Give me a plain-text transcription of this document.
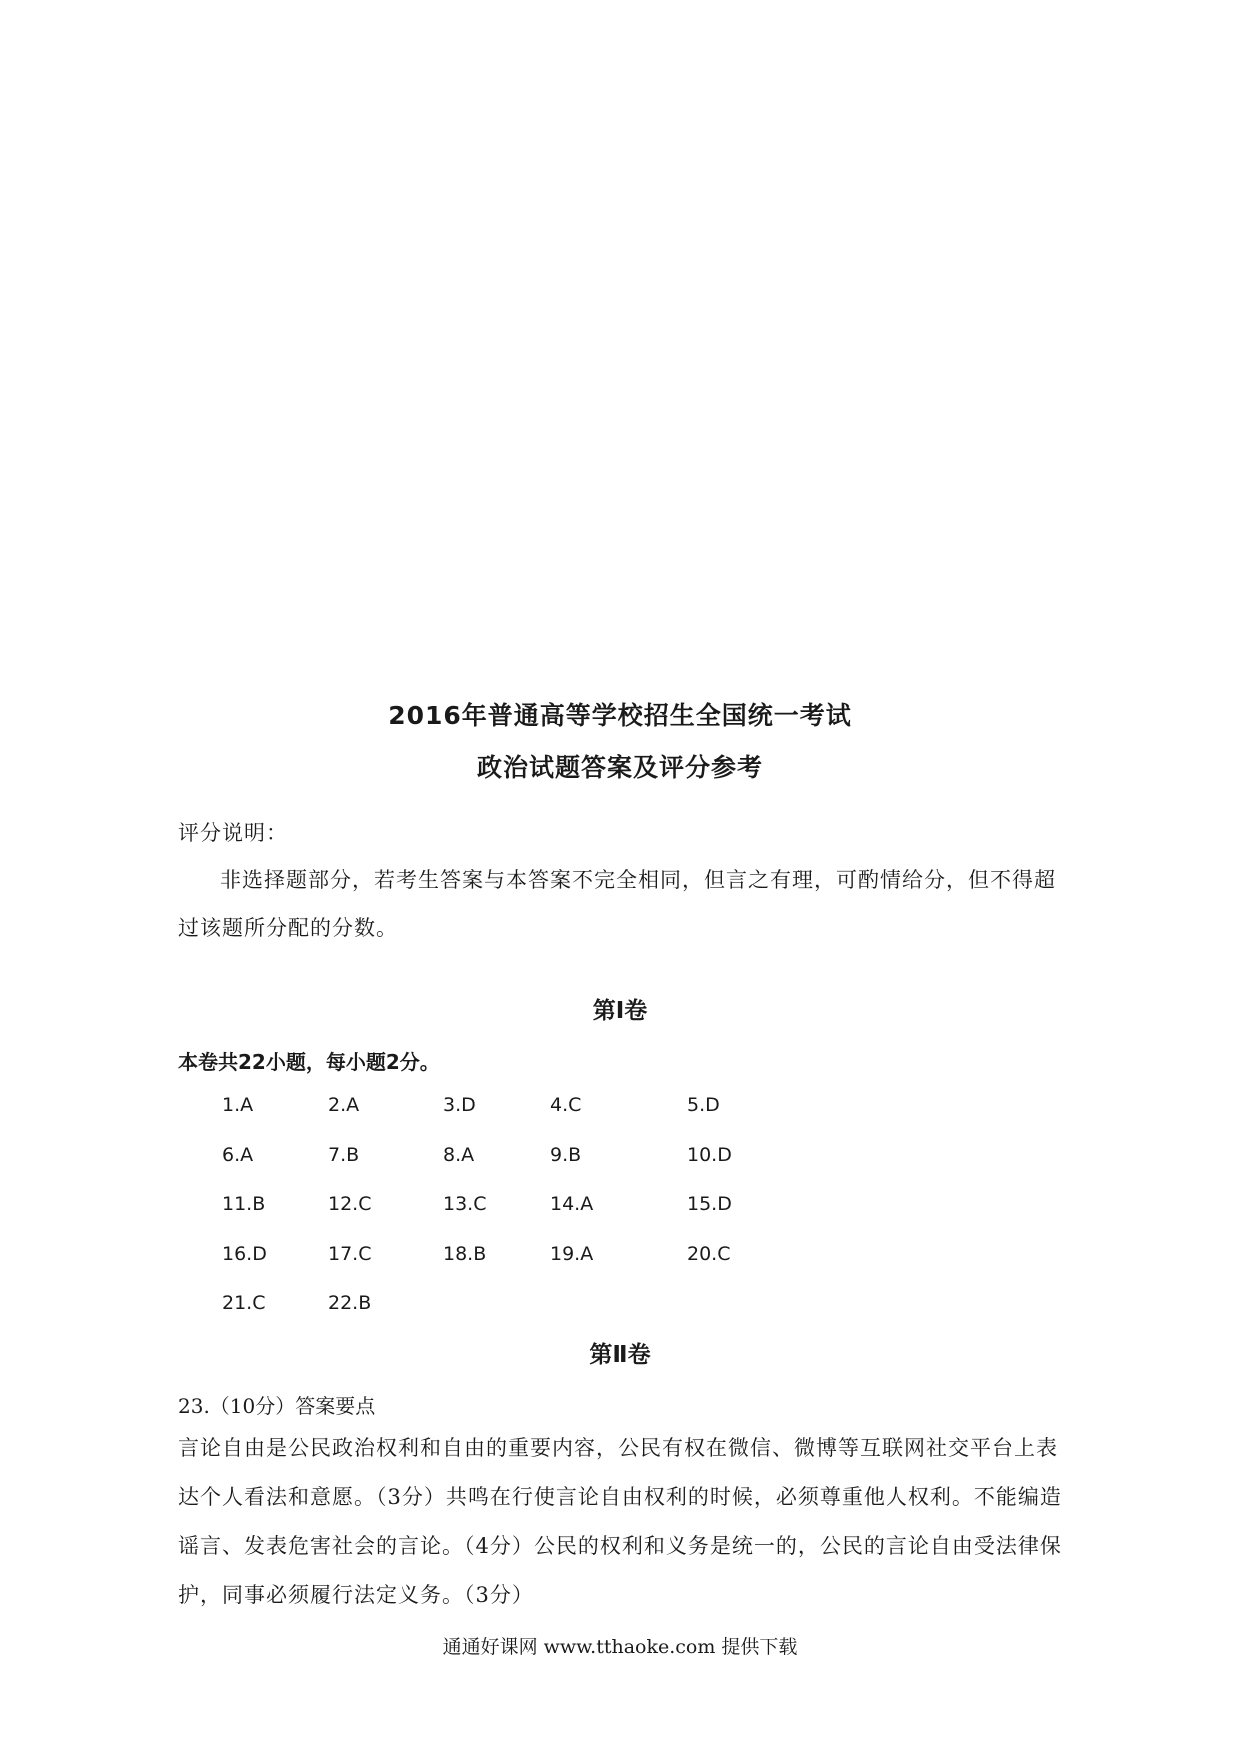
2016年普通高等学校招生全国统一考试
政治试题答案及评分参考
评分说明：
非选择题部分，若考生答案与本答案不完全相同，但言之有理，可酌情给分，但不得超过该题所分配的分数。
第Ⅰ卷
本卷共22小题，每小题2分。
1.A	2.A	3.D	4.C	5.D
6.A	7.B	8.A	9.B	10.D
11.B	12.C	13.C	14.A	15.D
16.D	17.C	18.B	19.A	20.C
21.C	22.B
第Ⅱ卷
23.（10分）答案要点
言论自由是公民政治权利和自由的重要内容，公民有权在微信、微博等互联网社交平台上表达个人看法和意愿。（3分）共鸣在行使言论自由权利的时候，必须尊重他人权利。不能编造谣言、发表危害社会的言论。（4分）公民的权利和义务是统一的，公民的言论自由受法律保护，同事必须履行法定义务。（3分）
通通好课网 www.tthaoke.com 提供下载
